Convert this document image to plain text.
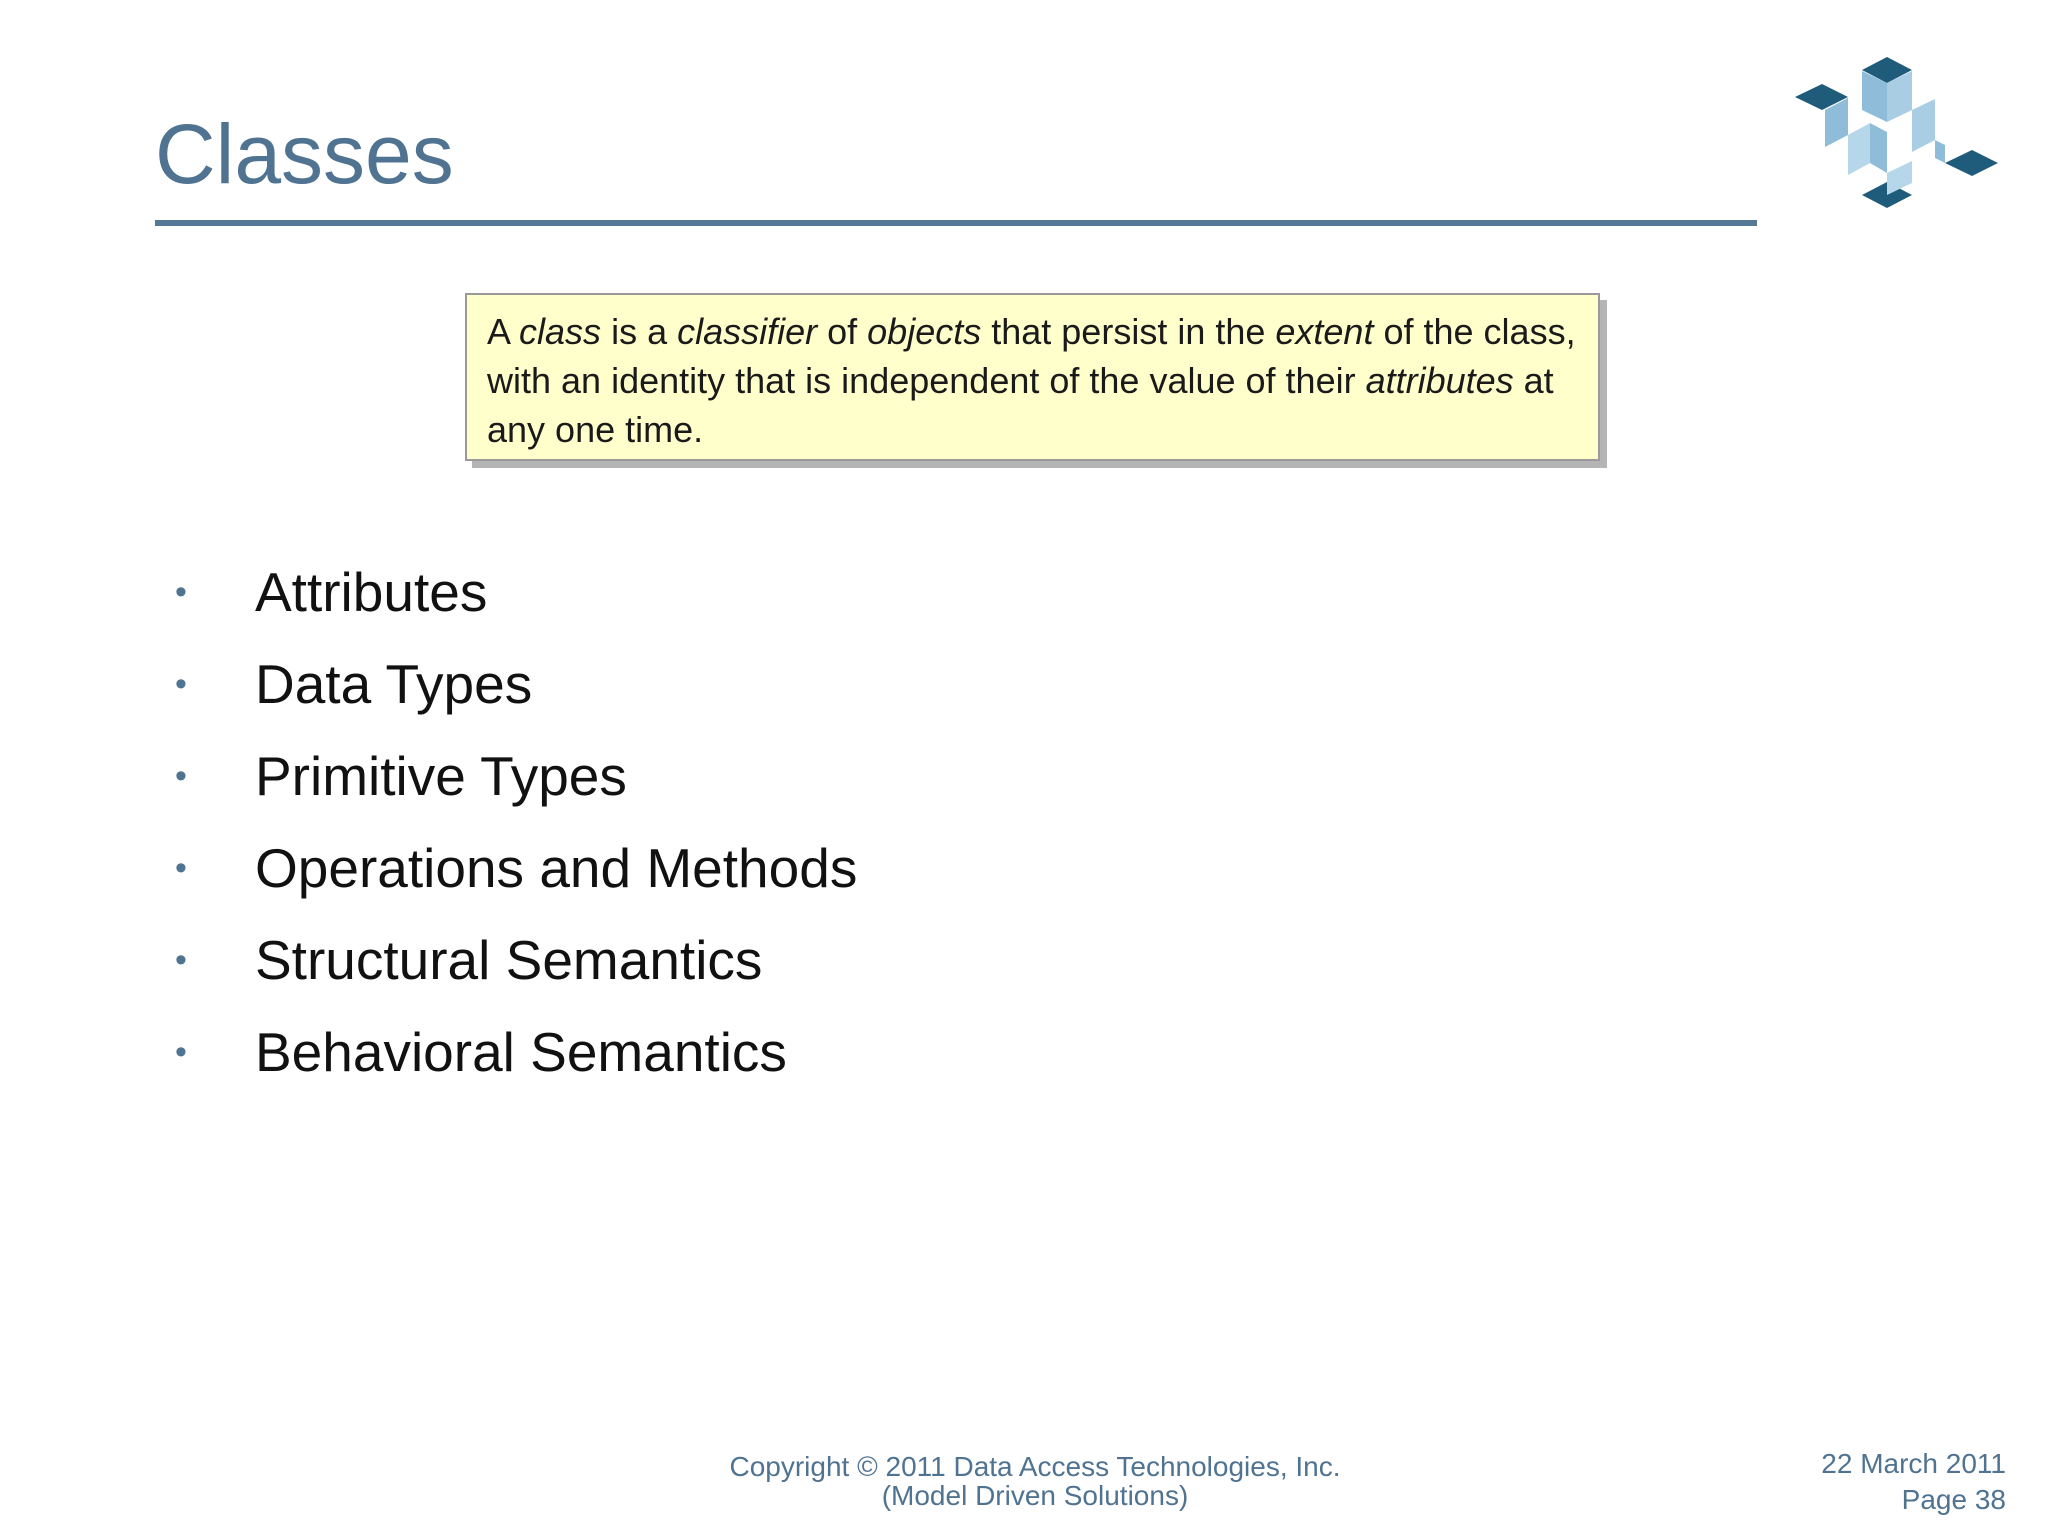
Classes
A class is a classifier of objects that persist in the extent of the class, with an identity that is independent of the value of their attributes at any one time.
• Attributes
• Data Types
• Primitive Types
• Operations and Methods
• Structural Semantics
• Behavioral Semantics
Copyright © 2011 Data Access Technologies, Inc.
(Model Driven Solutions)
22 March 2011
Page 38
